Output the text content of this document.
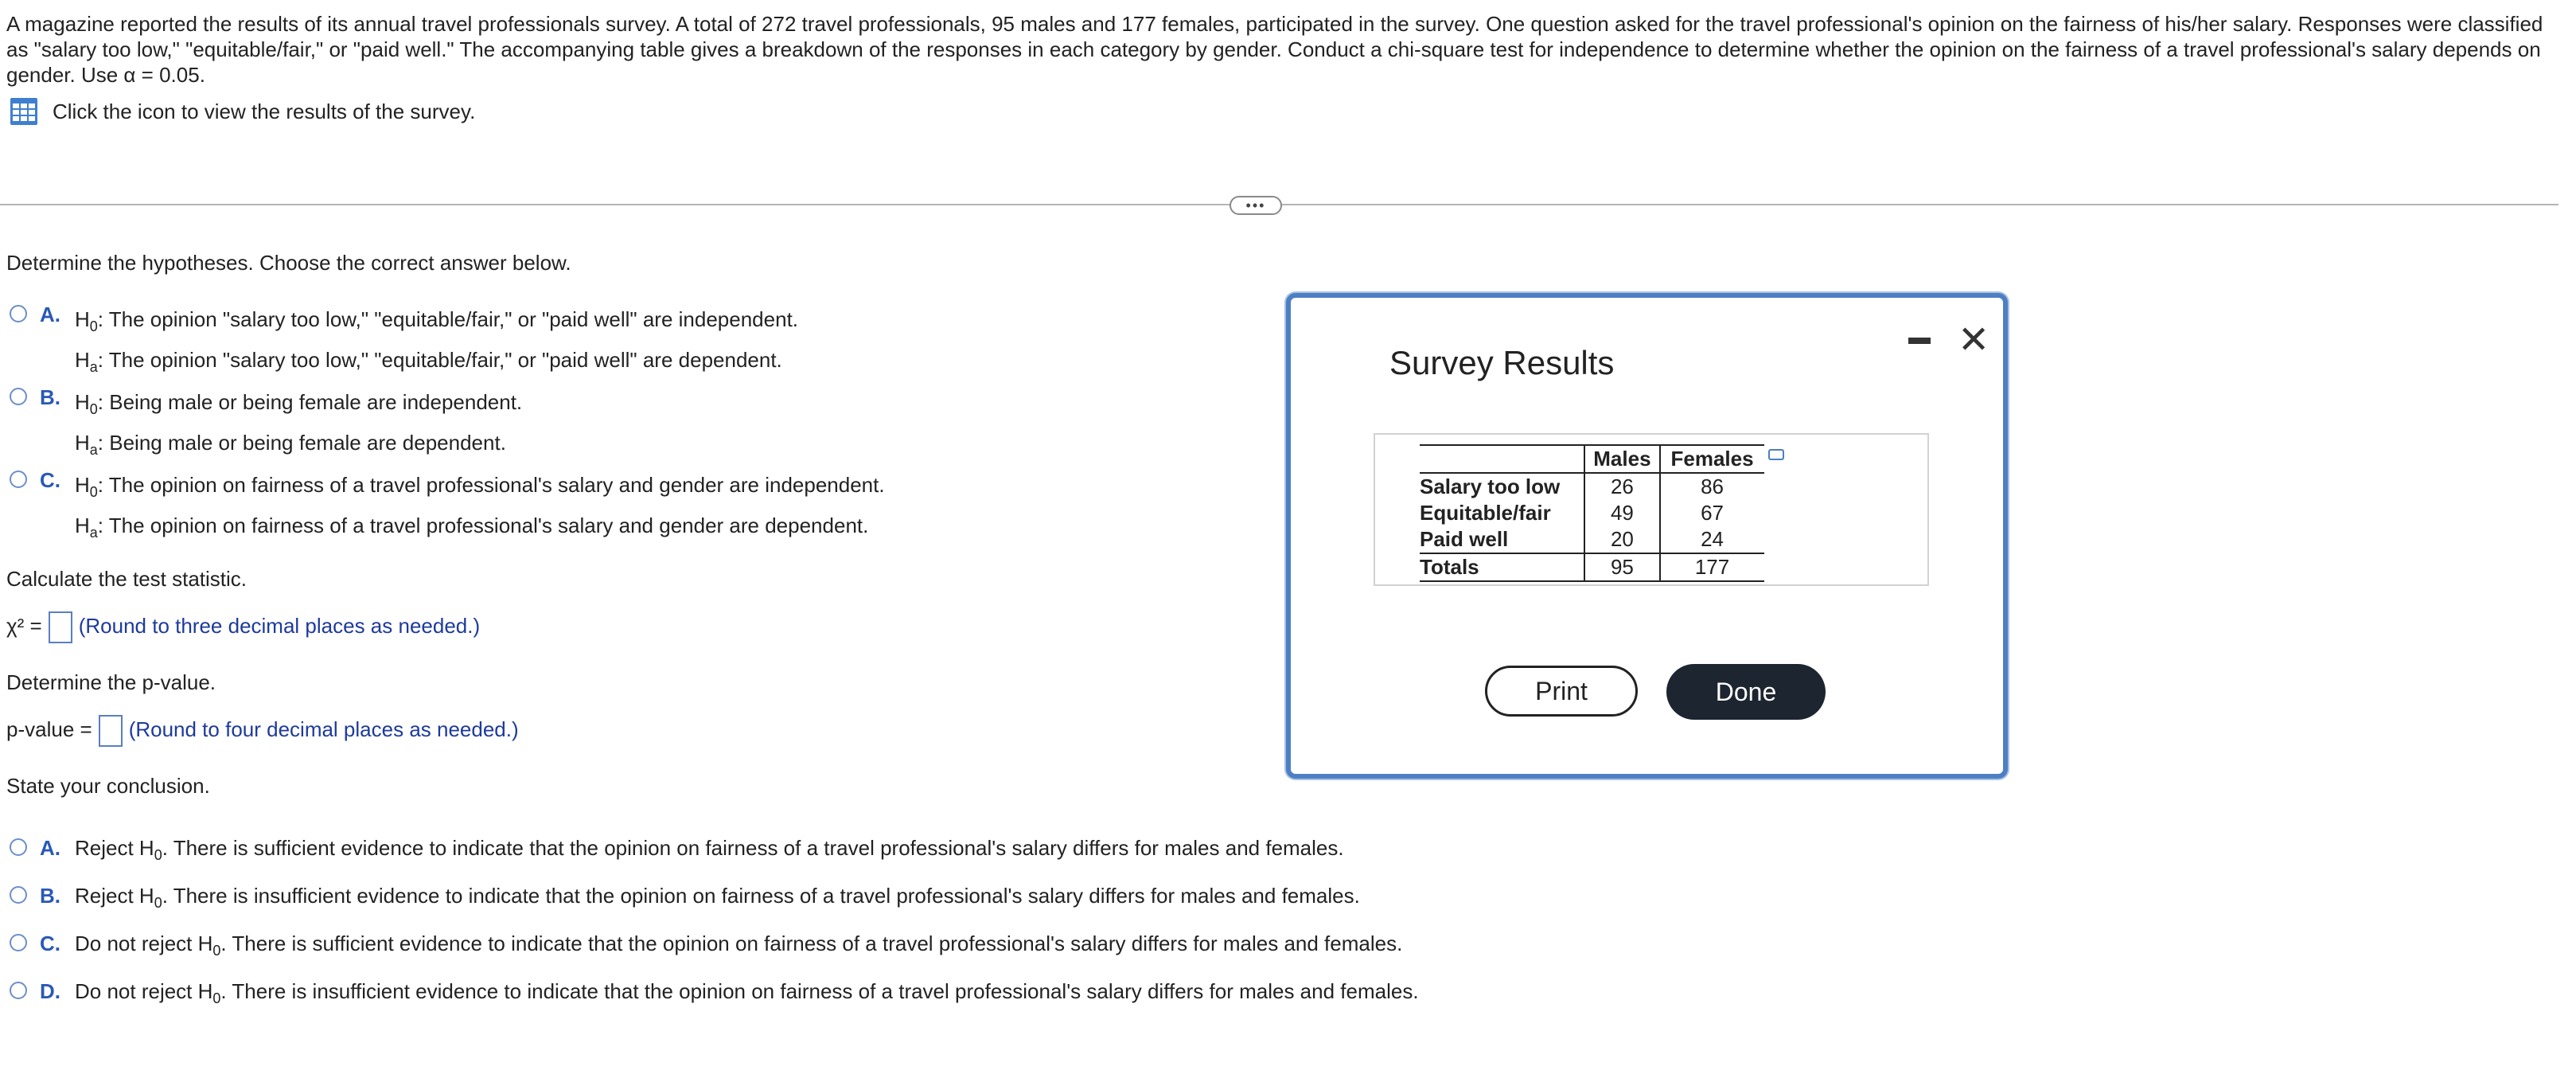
A magazine reported the results of its annual travel professionals survey. A total of 272 travel professionals, 95 males and 177 females, participated in the survey. One question asked for the travel professional's opinion on the fairness of his/her salary. Responses were classified as "salary too low," "equitable/fair," or "paid well." The accompanying table gives a breakdown of the responses in each category by gender. Conduct a chi-square test for independence to determine whether the opinion on the fairness of a travel professional's salary depends on gender. Use α = 0.05.
Click the icon to view the results of the survey.
•••
Determine the hypotheses. Choose the correct answer below.
A. $H_0$: The opinion "salary too low," "equitable/fair," or "paid well" are independent.
$H_a$: The opinion "salary too low," "equitable/fair," or "paid well" are dependent.
B. $H_0$: Being male or being female are independent.
$H_a$: Being male or being female are dependent.
C. $H_0$: The opinion on fairness of a travel professional's salary and gender are independent.
$H_a$: The opinion on fairness of a travel professional's salary and gender are dependent.
Calculate the test statistic.
χ² = (Round to three decimal places as needed.)
Determine the p-value.
p-value = (Round to four decimal places as needed.)
State your conclusion.
A. Reject $H_0$. There is sufficient evidence to indicate that the opinion on fairness of a travel professional's salary differs for males and females.
B. Reject $H_0$. There is insufficient evidence to indicate that the opinion on fairness of a travel professional's salary differs for males and females.
C. Do not reject $H_0$. There is sufficient evidence to indicate that the opinion on fairness of a travel professional's salary differs for males and females.
D. Do not reject $H_0$. There is insufficient evidence to indicate that the opinion on fairness of a travel professional's salary differs for males and females.
Survey Results
✕
	Males	Females
Salary too low	26	86
Equitable/fair	49	67
Paid well	20	24
Totals	95	177
Print	Done
